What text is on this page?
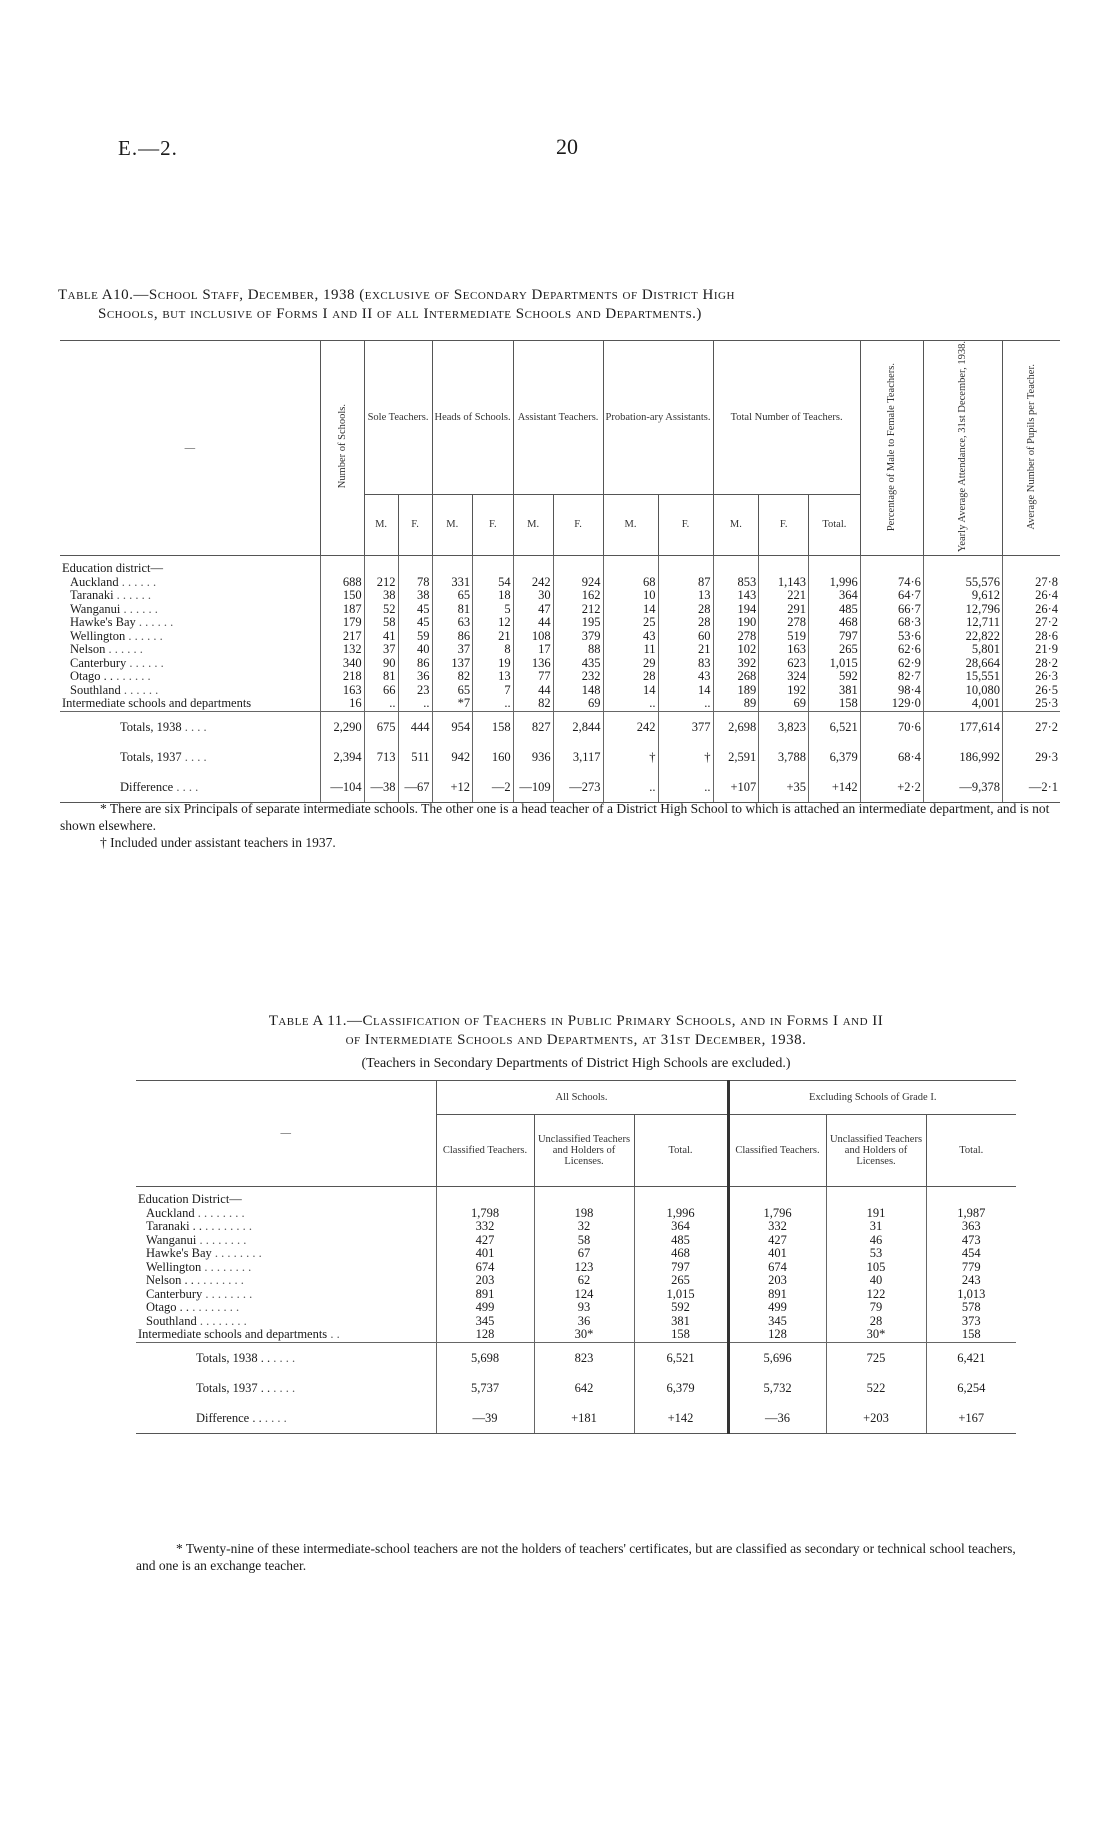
E.—2.	20
Table A10.—School Staff, December, 1938 (exclusive of Secondary Departments of District High
Schools, but inclusive of Forms I and II of all Intermediate Schools and Departments.)
—	Number of Schools.	Sole Teachers.		Heads of Schools.		Assistant Teachers.		Probation-ary Assistants.		Total Number of Teachers.			Percentage of Male to Female Teachers.	Yearly Average Attendance, 31st December, 1938.	Average Number of Pupils per Teacher.
		M.	F.	M.	F.	M.	F.	M.	F.	M.	F.	Total.			
Education district—															
Auckland . . . . . .	688	212	78	331	54	242	924	68	87	853	1,143	1,996	74·6	55,576	27·8
Taranaki . . . . . .	150	38	38	65	18	30	162	10	13	143	221	364	64·7	9,612	26·4
Wanganui . . . . . .	187	52	45	81	5	47	212	14	28	194	291	485	66·7	12,796	26·4
Hawke's Bay . . . . . .	179	58	45	63	12	44	195	25	28	190	278	468	68·3	12,711	27·2
Wellington . . . . . .	217	41	59	86	21	108	379	43	60	278	519	797	53·6	22,822	28·6
Nelson . . . . . .	132	37	40	37	8	17	88	11	21	102	163	265	62·6	5,801	21·9
Canterbury . . . . . .	340	90	86	137	19	136	435	29	83	392	623	1,015	62·9	28,664	28·2
Otago . . . . . . . .	218	81	36	82	13	77	232	28	43	268	324	592	82·7	15,551	26·3
Southland . . . . . .	163	66	23	65	7	44	148	14	14	189	192	381	98·4	10,080	26·5
Intermediate schools and departments	16	..	..	*7	..	82	69	..	..	89	69	158	129·0	4,001	25·3
Totals, 1938 . . . .	2,290	675	444	954	158	827	2,844	242	377	2,698	3,823	6,521	70·6	177,614	27·2
Totals, 1937 . . . .	2,394	713	511	942	160	936	3,117	†	†	2,591	3,788	6,379	68·4	186,992	29·3
Difference . . . .	—104	—38	—67	+12	—2	—109	—273	..	..	+107	+35	+142	+2·2	—9,378	—2·1
* There are six Principals of separate intermediate schools. The other one is a head teacher of a District High School to which is attached an intermediate department, and is not shown elsewhere.
† Included under assistant teachers in 1937.
Table A 11.—Classification of Teachers in Public Primary Schools, and in Forms I and II
of Intermediate Schools and Departments, at 31st December, 1938.
(Teachers in Secondary Departments of District High Schools are excluded.)
—	All Schools.			Excluding Schools of Grade I.		
	Classified Teachers.	Unclassified Teachers and Holders of Licenses.	Total.	Classified Teachers.	Unclassified Teachers and Holders of Licenses.	Total.
Education District—						
Auckland . . . . . . . .	1,798	198	1,996	1,796	191	1,987
Taranaki . . . . . . . . . .	332	32	364	332	31	363
Wanganui . . . . . . . .	427	58	485	427	46	473
Hawke's Bay . . . . . . . .	401	67	468	401	53	454
Wellington . . . . . . . .	674	123	797	674	105	779
Nelson . . . . . . . . . .	203	62	265	203	40	243
Canterbury . . . . . . . .	891	124	1,015	891	122	1,013
Otago . . . . . . . . . .	499	93	592	499	79	578
Southland . . . . . . . .	345	36	381	345	28	373
Intermediate schools and departments . .	128	30*	158	128	30*	158
Totals, 1938 . . . . . .	5,698	823	6,521	5,696	725	6,421
Totals, 1937 . . . . . .	5,737	642	6,379	5,732	522	6,254
Difference . . . . . .	—39	+181	+142	—36	+203	+167
* Twenty-nine of these intermediate-school teachers are not the holders of teachers' certificates, but are classified as secondary or technical school teachers, and one is an exchange teacher.
